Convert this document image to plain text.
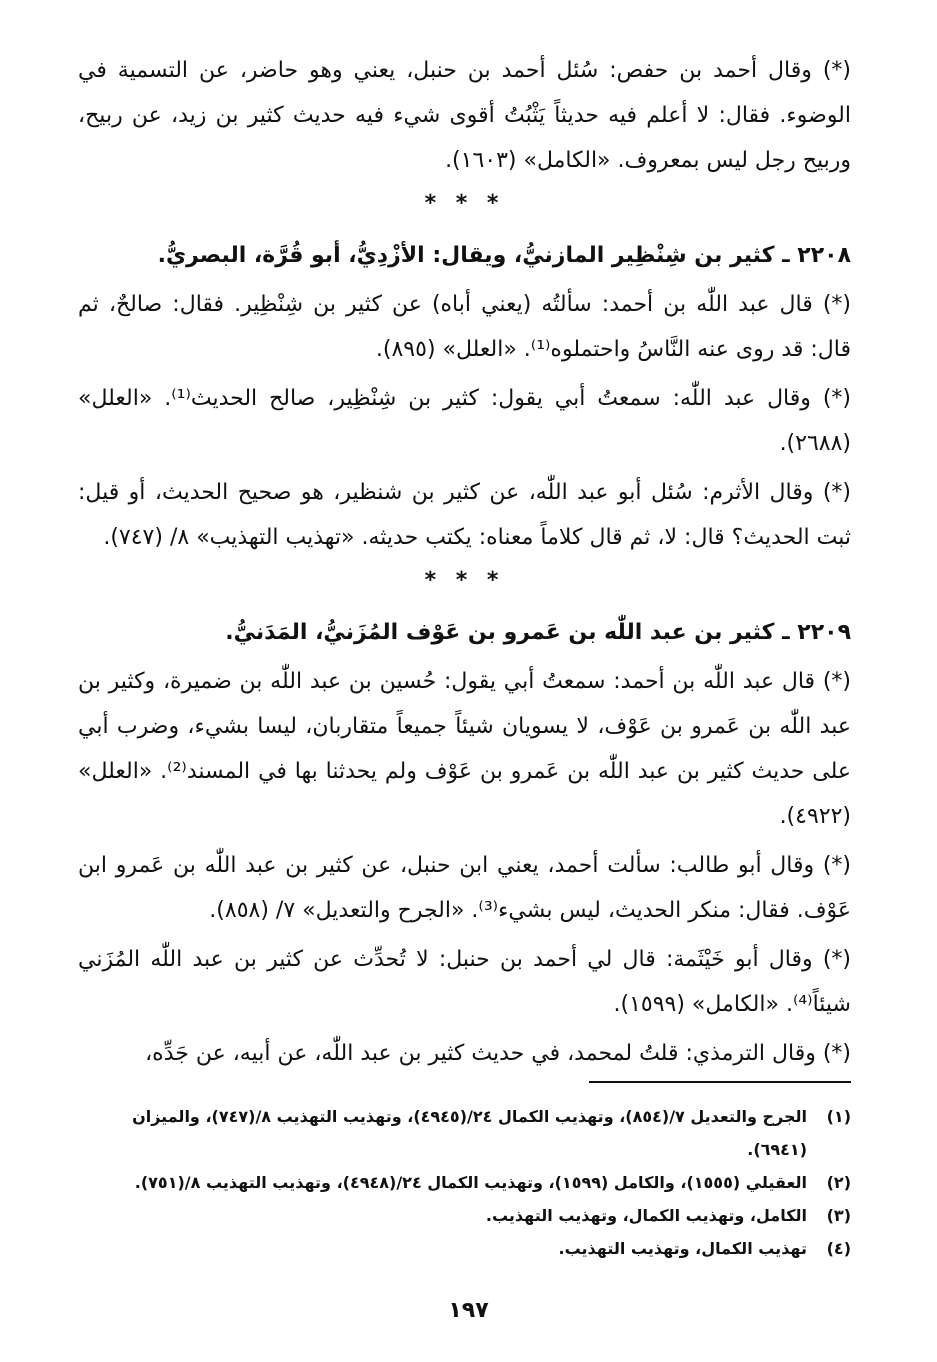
(*) وقال أحمد بن حفص: سُئل أحمد بن حنبل، يعني وهو حاضر، عن التسمية في الوضوء. فقال: لا أعلم فيه حديثاً يَثْبُتُ أقوى شيء فيه حديث كثير بن زيد، عن ربيح، وربيح رجل ليس بمعروف. «الكامل» (١٦٠٣).

* * *

٢٢٠٨ ـ كثير بن شِنْظِير المازنيُّ، ويقال: الأزْدِيُّ، أبو قُرَّة، البصريُّ.

(*) قال عبد اللّٰه بن أحمد: سألتُه (يعني أباه) عن كثير بن شِنْظِير. فقال: صالحٌ، ثم قال: قد روى عنه النَّاسُ واحتملوه⁽¹⁾. «العلل» (٨٩٥).

(*) وقال عبد اللّٰه: سمعتُ أبي يقول: كثير بن شِنْظِير، صالح الحديث⁽¹⁾. «العلل» (٢٦٨٨).

(*) وقال الأثرم: سُئل أبو عبد اللّٰه، عن كثير بن شنظير، هو صحيح الحديث، أو قيل: ثبت الحديث؟ قال: لا، ثم قال كلاماً معناه: يكتب حديثه. «تهذيب التهذيب» ٨/ (٧٤٧).

* * *

٢٢٠٩ ـ كثير بن عبد اللّٰه بن عَمرو بن عَوْف المُزَنيُّ، المَدَنيُّ.

(*) قال عبد اللّٰه بن أحمد: سمعتُ أبي يقول: حُسين بن عبد اللّٰه بن ضميرة، وكثير بن عبد اللّٰه بن عَمرو بن عَوْف، لا يسويان شيئاً جميعاً متقاربان، ليسا بشيء، وضرب أبي على حديث كثير بن عبد اللّٰه بن عَمرو بن عَوْف ولم يحدثنا بها في المسند⁽²⁾. «العلل» (٤٩٢٢).

(*) وقال أبو طالب: سألت أحمد، يعني ابن حنبل، عن كثير بن عبد اللّٰه بن عَمرو ابن عَوْف. فقال: منكر الحديث، ليس بشيء⁽³⁾. «الجرح والتعديل» ٧/ (٨٥٨).

(*) وقال أبو خَيْثَمة: قال لي أحمد بن حنبل: لا تُحدِّث عن كثير بن عبد اللّٰه المُزَني شيئاً⁽⁴⁾. «الكامل» (١٥٩٩).

(*) وقال الترمذي: قلتُ لمحمد، في حديث كثير بن عبد اللّٰه، عن أبيه، عن جَدِّه،

(١)
الجرح والتعديل ٧/(٨٥٤)، وتهذيب الكمال ٢٤/(٤٩٤٥)، وتهذيب التهذيب ٨/(٧٤٧)، والميزان (٦٩٤١).
(٢)
العقيلي (١٥٥٥)، والكامل (١٥٩٩)، وتهذيب الكمال ٢٤/(٤٩٤٨)، وتهذيب التهذيب ٨/(٧٥١).
(٣)
الكامل، وتهذيب الكمال، وتهذيب التهذيب.
(٤)
تهذيب الكمال، وتهذيب التهذيب.
١٩٧
